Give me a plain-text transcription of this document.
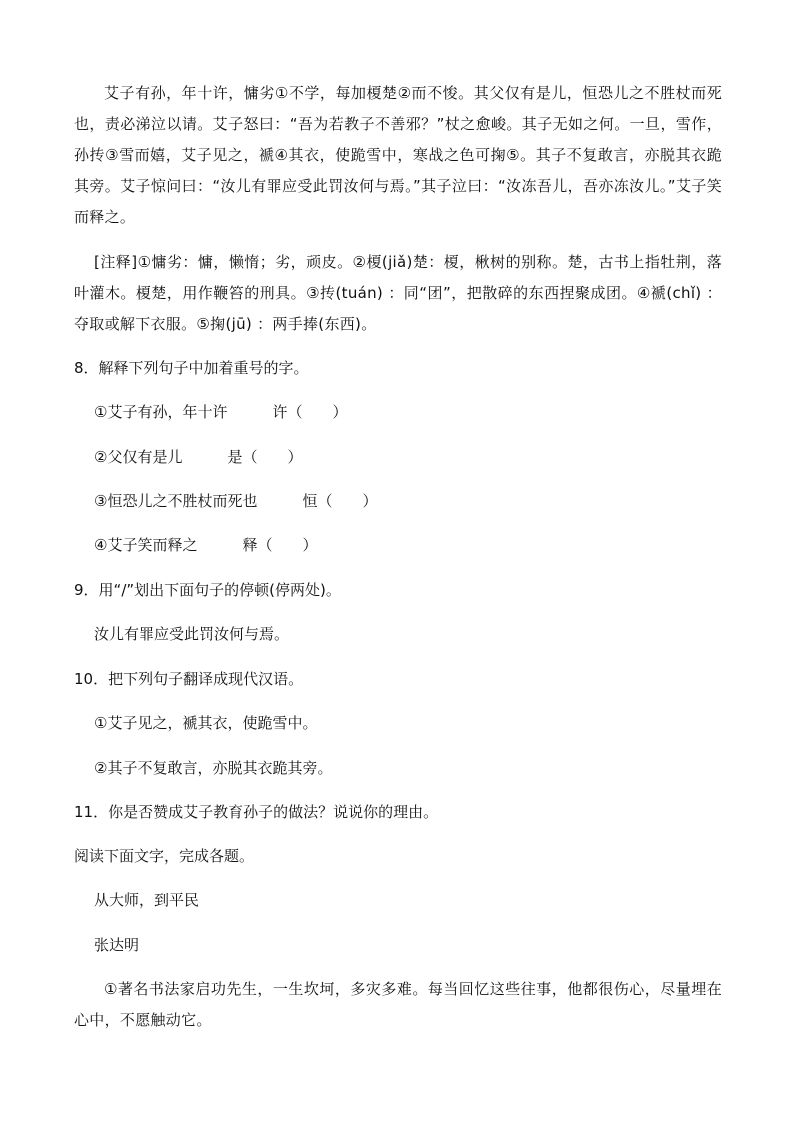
艾子有孙，年十许，慵劣①不学，每加榎楚②而不悛。其父仅有是儿，恒恐儿之不胜杖而死也，责必涕泣以请。艾子怒曰：“吾为若教子不善邪？”杖之愈峻。其子无如之何。一旦，雪作，孙抟③雪而嬉，艾子见之，褫④其衣，使跪雪中，寒战之色可掬⑤。其子不复敢言，亦脱其衣跪其旁。艾子惊问曰：“汝儿有罪应受此罚汝何与焉。”其子泣曰：“汝冻吾儿，吾亦冻汝儿。”艾子笑而释之。

[注释]①慵劣：慵，懒惰；劣，顽皮。②榎(jiǎ)楚：榎，楸树的别称。楚，古书上指牡荆，落叶灌木。榎楚，用作鞭笞的刑具。③抟(tuán) ：同“团”，把散碎的东西捏聚成团。④褫(chǐ) ：夺取或解下衣服。⑤掬(jū) ：两手捧(东西)。

8．解释下列句子中加着重号的字。

①艾子有孙，年十许　　　许（　　）

②父仅有是儿　　　是（　　）

③恒恐儿之不胜杖而死也　　　恒（　　）

④艾子笑而释之　　　释（　　）

9．用“/”划出下面句子的停顿(停两处)。

汝儿有罪应受此罚汝何与焉。

10．把下列句子翻译成现代汉语。

①艾子见之，褫其衣，使跪雪中。

②其子不复敢言，亦脱其衣跪其旁。

11．你是否赞成艾子教育孙子的做法？说说你的理由。

阅读下面文字，完成各题。

从大师，到平民

张达明

①著名书法家启功先生，一生坎坷，多灾多难。每当回忆这些往事，他都很伤心，尽量埋在心中，不愿触动它。
